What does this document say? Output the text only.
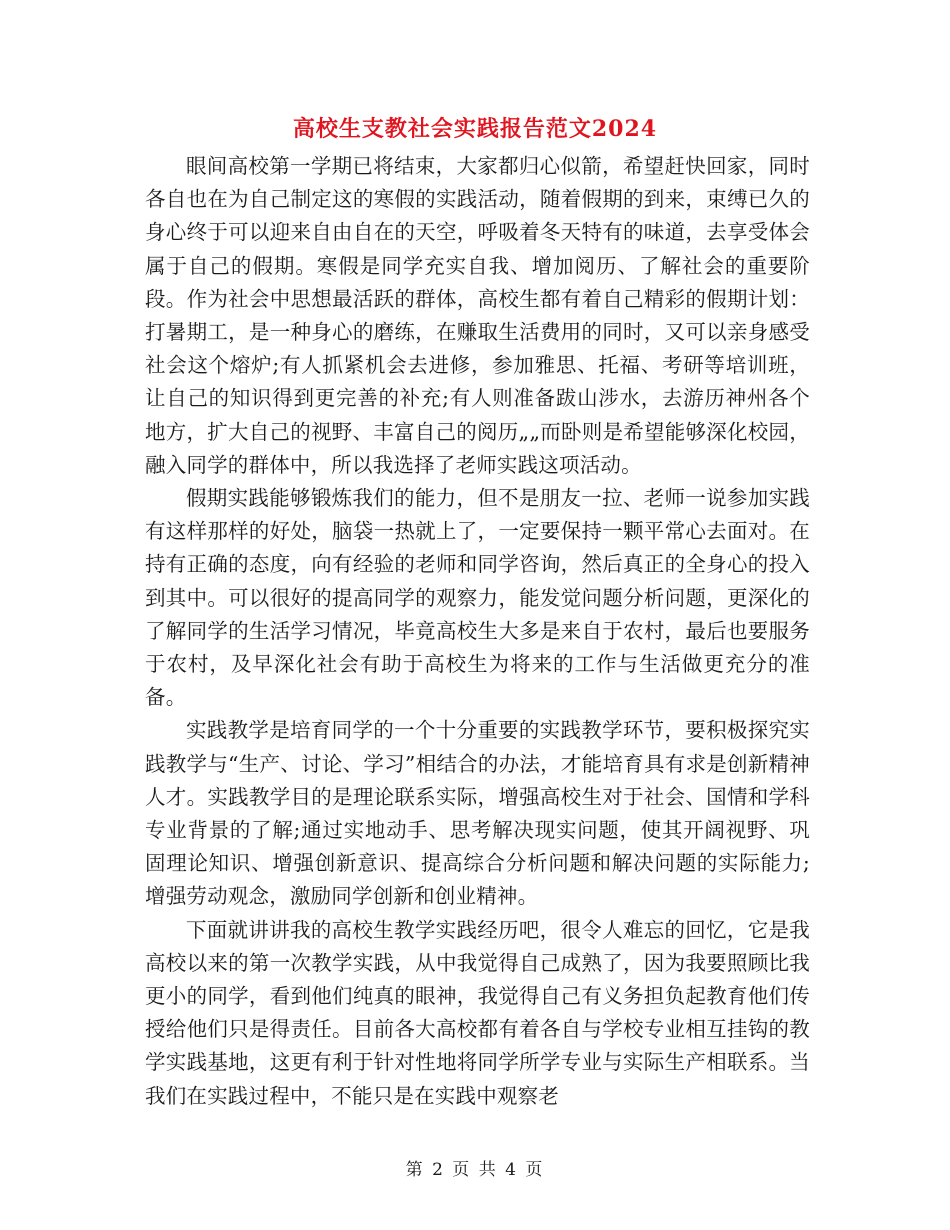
高校生支教社会实践报告范文2024

眼间高校第一学期已将结束，大家都归心似箭，希望赶快回家，同时各自也在为自己制定这的寒假的实践活动，随着假期的到来，束缚已久的身心终于可以迎来自由自在的天空，呼吸着冬天特有的味道，去享受体会属于自己的假期。寒假是同学充实自我、增加阅历、了解社会的重要阶段。作为社会中思想最活跃的群体，高校生都有着自己精彩的假期计划：打暑期工，是一种身心的磨练，在赚取生活费用的同时，又可以亲身感受社会这个熔炉;有人抓紧机会去进修，参加雅思、托福、考研等培训班，让自己的知识得到更完善的补充;有人则准备跋山涉水，去游历神州各个地方，扩大自己的视野、丰富自己的阅历„„而卧则是希望能够深化校园，融入同学的群体中，所以我选择了老师实践这项活动。

假期实践能够锻炼我们的能力，但不是朋友一拉、老师一说参加实践有这样那样的好处，脑袋一热就上了，一定要保持一颗平常心去面对。在持有正确的态度，向有经验的老师和同学咨询，然后真正的全身心的投入到其中。可以很好的提高同学的观察力，能发觉问题分析问题，更深化的了解同学的生活学习情况，毕竟高校生大多是来自于农村，最后也要服务于农村，及早深化社会有助于高校生为将来的工作与生活做更充分的准备。

实践教学是培育同学的一个十分重要的实践教学环节，要积极探究实践教学与“生产、讨论、学习”相结合的办法，才能培育具有求是创新精神人才。实践教学目的是理论联系实际，增强高校生对于社会、国情和学科专业背景的了解;通过实地动手、思考解决现实问题，使其开阔视野、巩固理论知识、增强创新意识、提高综合分析问题和解决问题的实际能力;增强劳动观念，激励同学创新和创业精神。

下面就讲讲我的高校生教学实践经历吧，很令人难忘的回忆，它是我高校以来的第一次教学实践，从中我觉得自己成熟了，因为我要照顾比我更小的同学，看到他们纯真的眼神，我觉得自己有义务担负起教育他们传授给他们只是得责任。目前各大高校都有着各自与学校专业相互挂钩的教学实践基地，这更有利于针对性地将同学所学专业与实际生产相联系。当我们在实践过程中，不能只是在实践中观察老

第 2 页 共 4 页
